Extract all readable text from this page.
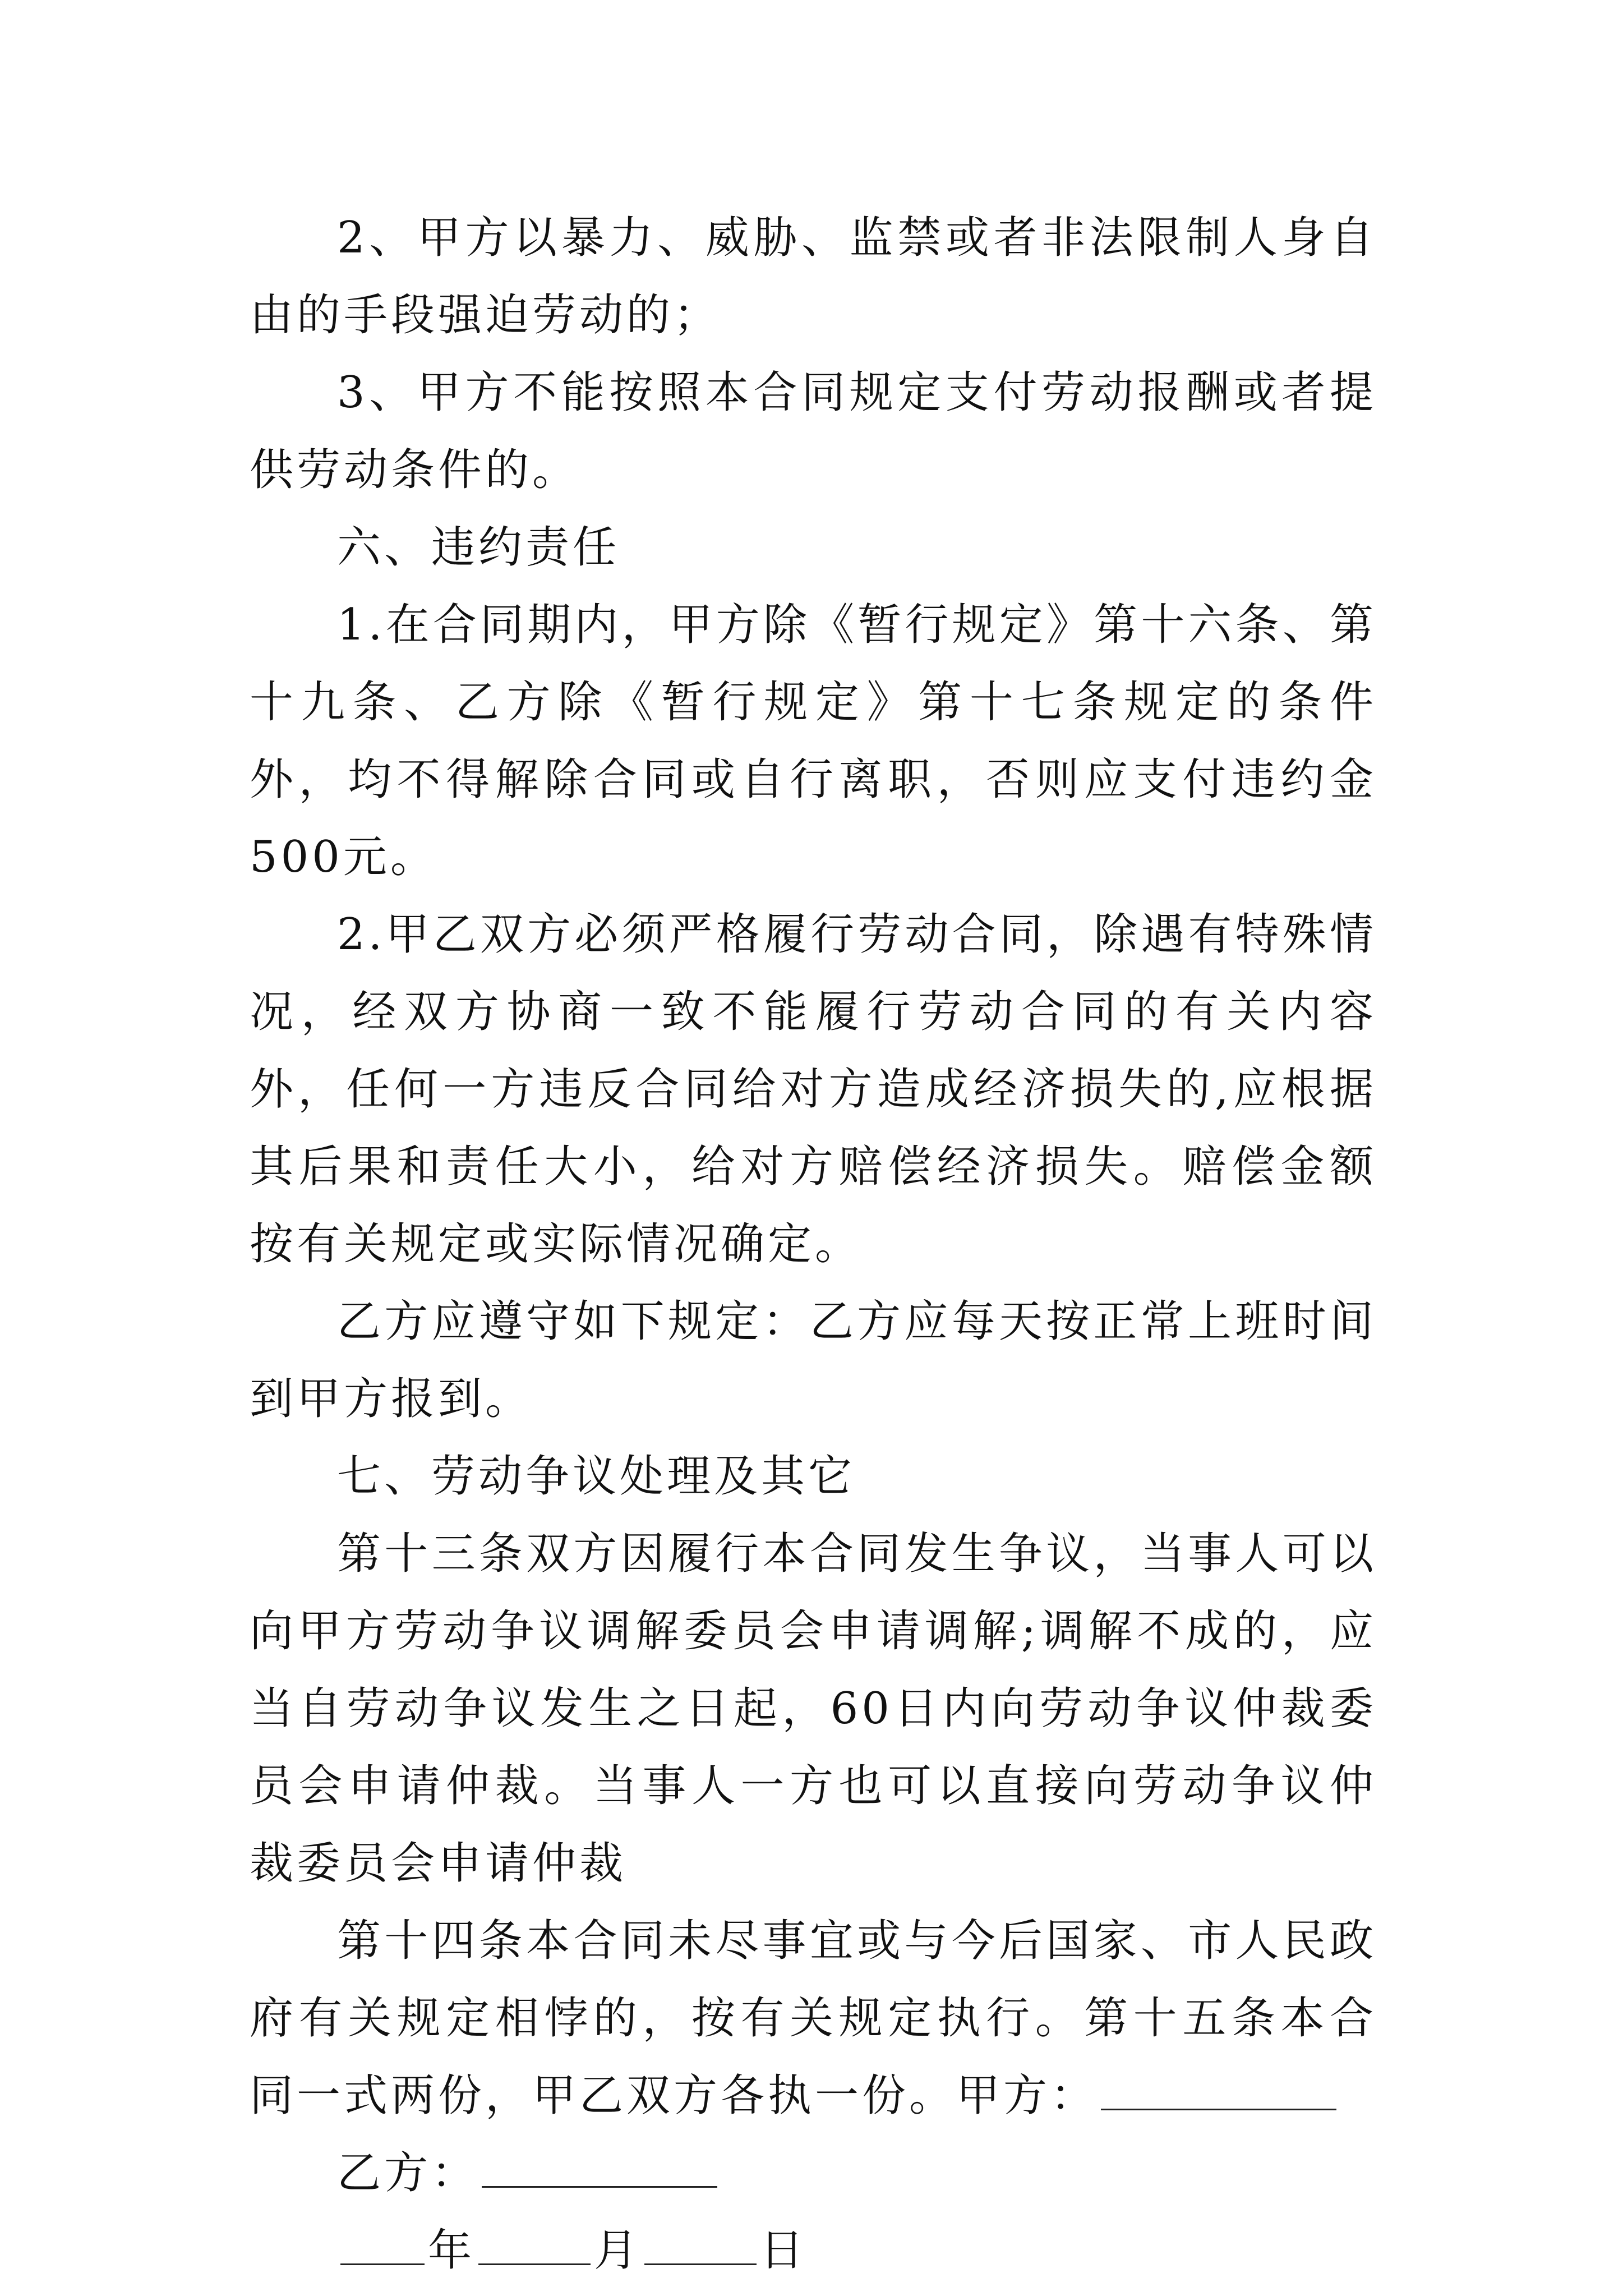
2、甲方以暴力、威胁、监禁或者非法限制人身自由的手段强迫劳动的；

3、甲方不能按照本合同规定支付劳动报酬或者提供劳动条件的。

六、违约责任

1.在合同期内，甲方除《暂行规定》第十六条、第十九条、乙方除《暂行规定》第十七条规定的条件外，均不得解除合同或自行离职，否则应支付违约金500元。

2.甲乙双方必须严格履行劳动合同，除遇有特殊情况，经双方协商一致不能履行劳动合同的有关内容外，任何一方违反合同给对方造成经济损失的,应根据其后果和责任大小，给对方赔偿经济损失。赔偿金额按有关规定或实际情况确定。

乙方应遵守如下规定：乙方应每天按正常上班时间到甲方报到。

七、劳动争议处理及其它

第十三条双方因履行本合同发生争议，当事人可以向甲方劳动争议调解委员会申请调解;调解不成的，应当自劳动争议发生之日起，60日内向劳动争议仲裁委员会申请仲裁。当事人一方也可以直接向劳动争议仲裁委员会申请仲裁

第十四条本合同未尽事宜或与今后国家、市人民政府有关规定相悖的，按有关规定执行。第十五条本合同一式两份，甲乙双方各执一份。甲方：

乙方：

年	月	日
